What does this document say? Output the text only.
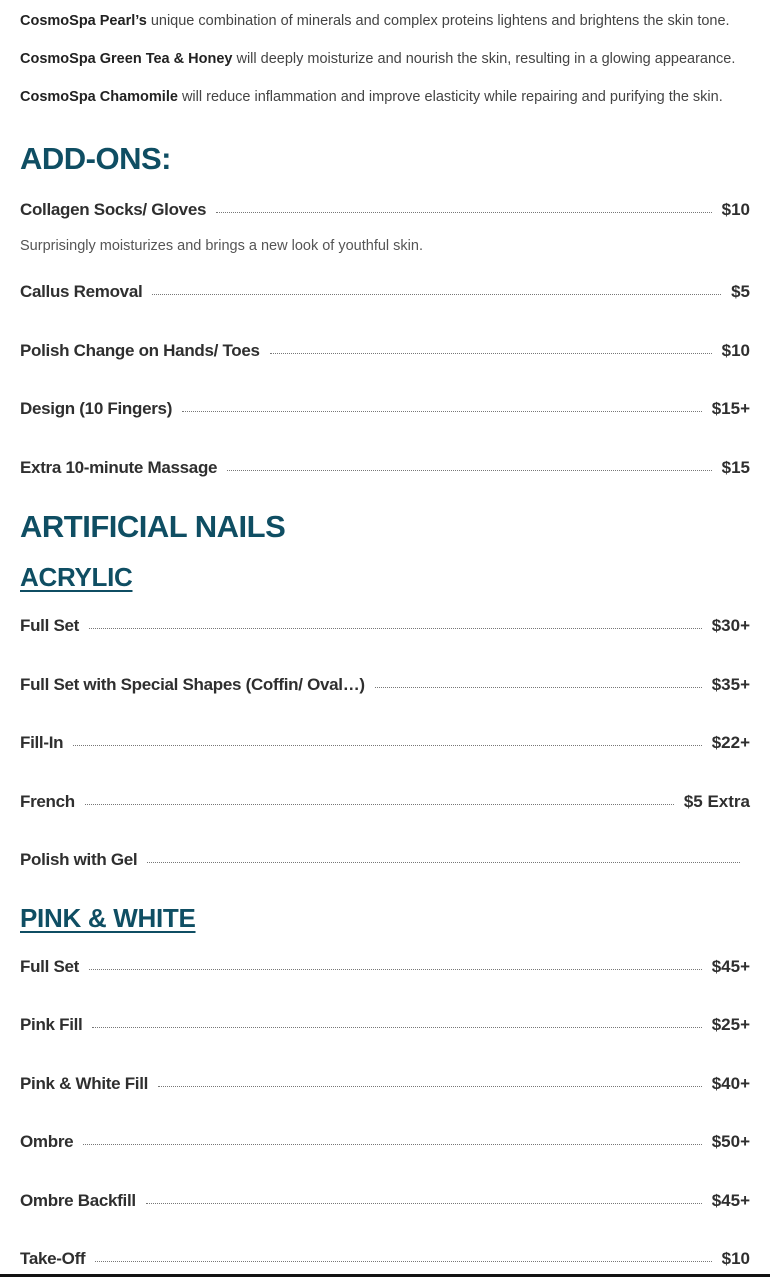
CosmoSpa Pearl’s unique combination of minerals and complex proteins lightens and brightens the skin tone.
CosmoSpa Green Tea & Honey will deeply moisturize and nourish the skin, resulting in a glowing appearance.
CosmoSpa Chamomile will reduce inflammation and improve elasticity while repairing and purifying the skin.
ADD-ONS:
Collagen Socks/ Gloves	$10
Surprisingly moisturizes and brings a new look of youthful skin.
Callus Removal	$5
Polish Change on Hands/ Toes	$10
Design (10 Fingers)	$15+
Extra 10-minute Massage	$15
ARTIFICIAL NAILS
ACRYLIC
Full Set	$30+
Full Set with Special Shapes (Coffin/ Oval…)	$35+
Fill-In	$22+
French	$5 Extra
Polish with Gel
PINK & WHITE
Full Set	$45+
Pink Fill	$25+
Pink & White Fill	$40+
Ombre	$50+
Ombre Backfill	$45+
Take-Off	$10
